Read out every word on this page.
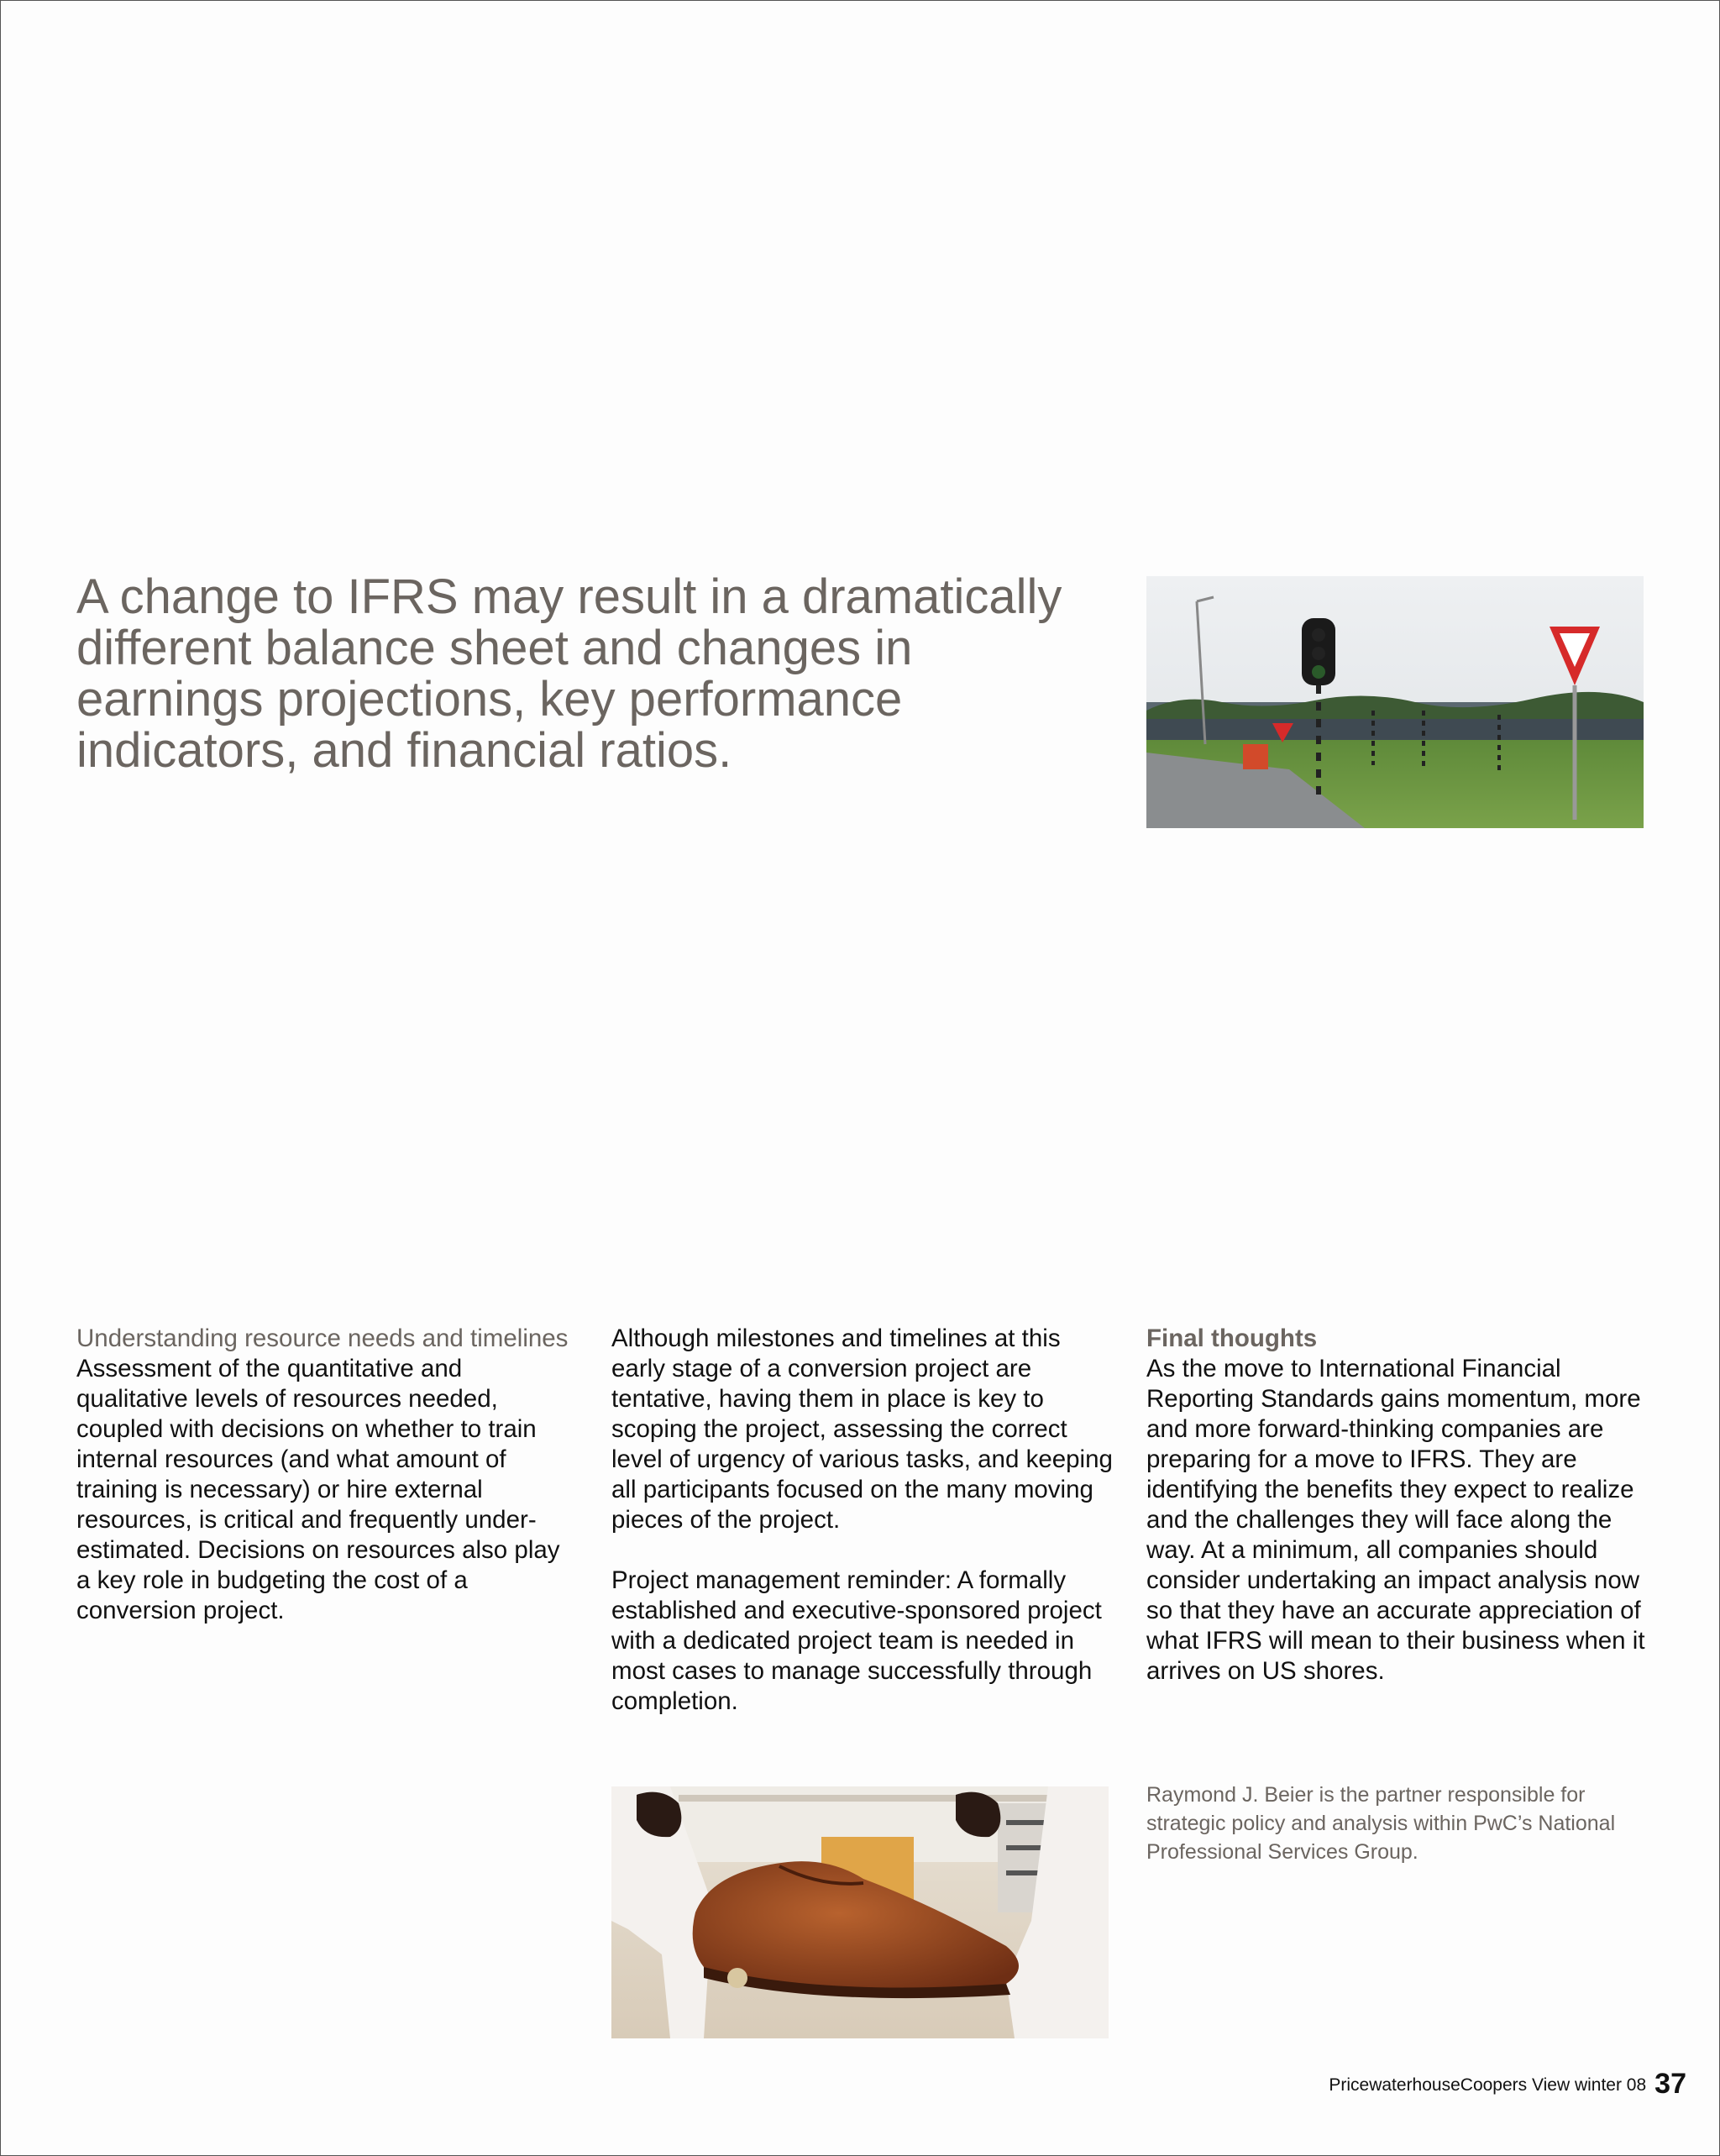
A change to IFRS may result in a dramatically different balance sheet and changes in earnings projections, key performance indicators, and financial ratios.

Understanding resource needs and timelines Assessment of the quantitative and qualitative levels of resources needed, coupled with decisions on whether to train internal resources (and what amount of training is necessary) or hire external resources, is critical and frequently under-estimated. Decisions on resources also play a key role in budgeting the cost of a conversion project.

Although milestones and timelines at this early stage of a conversion project are tentative, having them in place is key to scoping the project, assessing the correct level of urgency of various tasks, and keeping all participants focused on the many moving pieces of the project.

Project management reminder: A formally established and executive-sponsored project with a dedicated project team is needed in most cases to manage successfully through completion.

Final thoughts

As the move to International Financial Reporting Standards gains momentum, more and more forward-thinking companies are preparing for a move to IFRS. They are identifying the benefits they expect to realize and the challenges they will face along the way. At a minimum, all companies should consider undertaking an impact analysis now so that they have an accurate appreciation of what IFRS will mean to their business when it arrives on US shores.

Raymond J. Beier is the partner responsible for strategic policy and analysis within PwC’s National Professional Services Group.

PricewaterhouseCoopers View winter 08 37
